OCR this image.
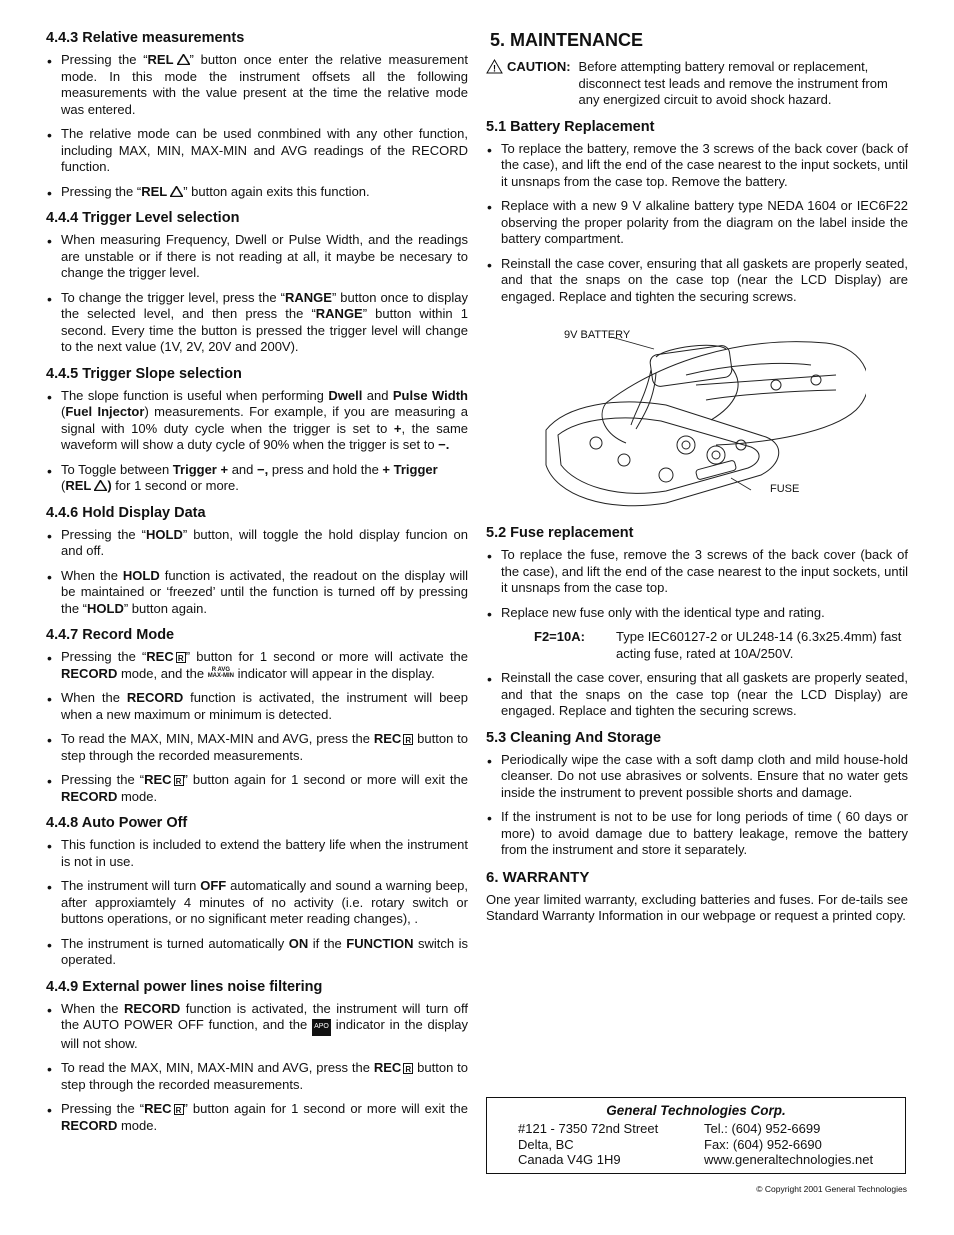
4.4.3 Relative measurements
• Pressing the “REL ” button once enter the relative measurement mode. In this mode the instrument offsets all the following measurements with the value present at the time the relative mode was entered.
• The relative mode can be used conmbined with any other function, including MAX, MIN, MAX-MIN and AVG readings of the RECORD function.
• Pressing the “REL ” button again exits this function.
4.4.4 Trigger Level selection
• When measuring Frequency, Dwell or Pulse Width, and the readings are unstable or if there is not reading at all, it maybe be necesary to change the trigger level.
• To change the trigger level, press the “RANGE” button once to display the selected level, and then press the “RANGE” button within 1 second. Every time the button is pressed the trigger level will change to the next value (1V, 2V, 20V and 200V).
4.4.5 Trigger Slope selection
• The slope function is useful when performing Dwell and Pulse Width (Fuel Injector) measurements. For example, if you are measuring a signal with 10% duty cycle when the trigger is set to +, the same waveform will show a duty cycle of 90% when the trigger is set to −.
• To Toggle between Trigger + and −, press and hold the + Trigger
(REL ) for 1 second or more.
4.4.6 Hold Display Data
• Pressing the “HOLD” button, will toggle the hold display funcion on and off.
• When the HOLD function is activated, the readout on the display will be maintained or ‘freezed’ until the function is turned off by pressing the “HOLD” button again.
4.4.7 Record Mode
• Pressing the “REC R ” button for 1 second or more will activate the RECORD mode, and the R AVG
MAX-MIN indicator will appear in the display.
• When the RECORD function is activated, the instrument will beep when a new maximum or minimum is detected.
• To read the MAX, MIN, MAX-MIN and AVG, press the REC R button to step through the recorded measurements.
• Pressing the “REC R ” button again for 1 second or more will exit the RECORD mode.
4.4.8 Auto Power Off
• This function is included to extend the battery life when the instrument is not in use.
• The instrument will turn OFF automatically and sound a warning beep, after approxiamtely 4 minutes of no activity (i.e. rotary switch or buttons operations, or no significant meter reading changes), .
• The instrument is turned automatically ON if the FUNCTION switch is operated.
4.4.9 External power lines noise filtering
• When the RECORD function is activated, the instrument will turn off the AUTO POWER OFF function, and the APO indicator in the display will not show.
• To read the MAX, MIN, MAX-MIN and AVG, press the REC R button to step through the recorded measurements.
• Pressing the “REC R ” button again for 1 second or more will exit the RECORD mode.
5. MAINTENANCE
! CAUTION: Before attempting battery removal or replacement, disconnect test leads and remove the instrument from any energized circuit to avoid shock hazard.
5.1 Battery Replacement
• To replace the battery, remove the 3 screws of the back cover (back of the case), and lift the end of the case nearest to the input sockets, until it unsnaps from the case top. Remove the battery.
• Replace with a new 9 V alkaline battery type NEDA 1604 or IEC6F22 observing the proper polarity from the diagram on the label inside the battery compartment.
• Reinstall the case cover, ensuring that all gaskets are properly seated, and that the snaps on the case top (near the LCD Display) are engaged. Replace and tighten the securing screws.
9V BATTERY
FUSE
5.2 Fuse replacement
• To replace the fuse, remove the 3 screws of the back cover (back of the case), and lift the end of the case nearest to the input sockets, until it unsnaps from the case top.
• Replace new fuse only with the identical type and rating.
F2=10A:	Type IEC60127-2 or UL248-14 (6.3x25.4mm) fast acting fuse, rated at 10A/250V.
• Reinstall the case cover, ensuring that all gaskets are properly seated, and that the snaps on the case top (near the LCD Display) are engaged. Replace and tighten the securing screws.
5.3 Cleaning And Storage
• Periodically wipe the case with a soft damp cloth and mild house-hold cleanser. Do not use abrasives or solvents. Ensure that no water gets inside the instrument to prevent possible shorts and damage.
• If the instrument is not to be use for long periods of time ( 60 days or more) to avoid damage due to battery leakage, remove the battery from the instrument and store it separately.
6. WARRANTY

One year limited warranty, excluding batteries and fuses. For de-tails see Standard Warranty Information in our webpage or request a printed copy.

General Technologies Corp.
#121 - 7350 72nd Street
Delta, BC
Canada V4G 1H9
Tel.: (604) 952-6699
Fax: (604) 952-6690
www.generaltechnologies.net
© Copyright 2001 General Technologies
